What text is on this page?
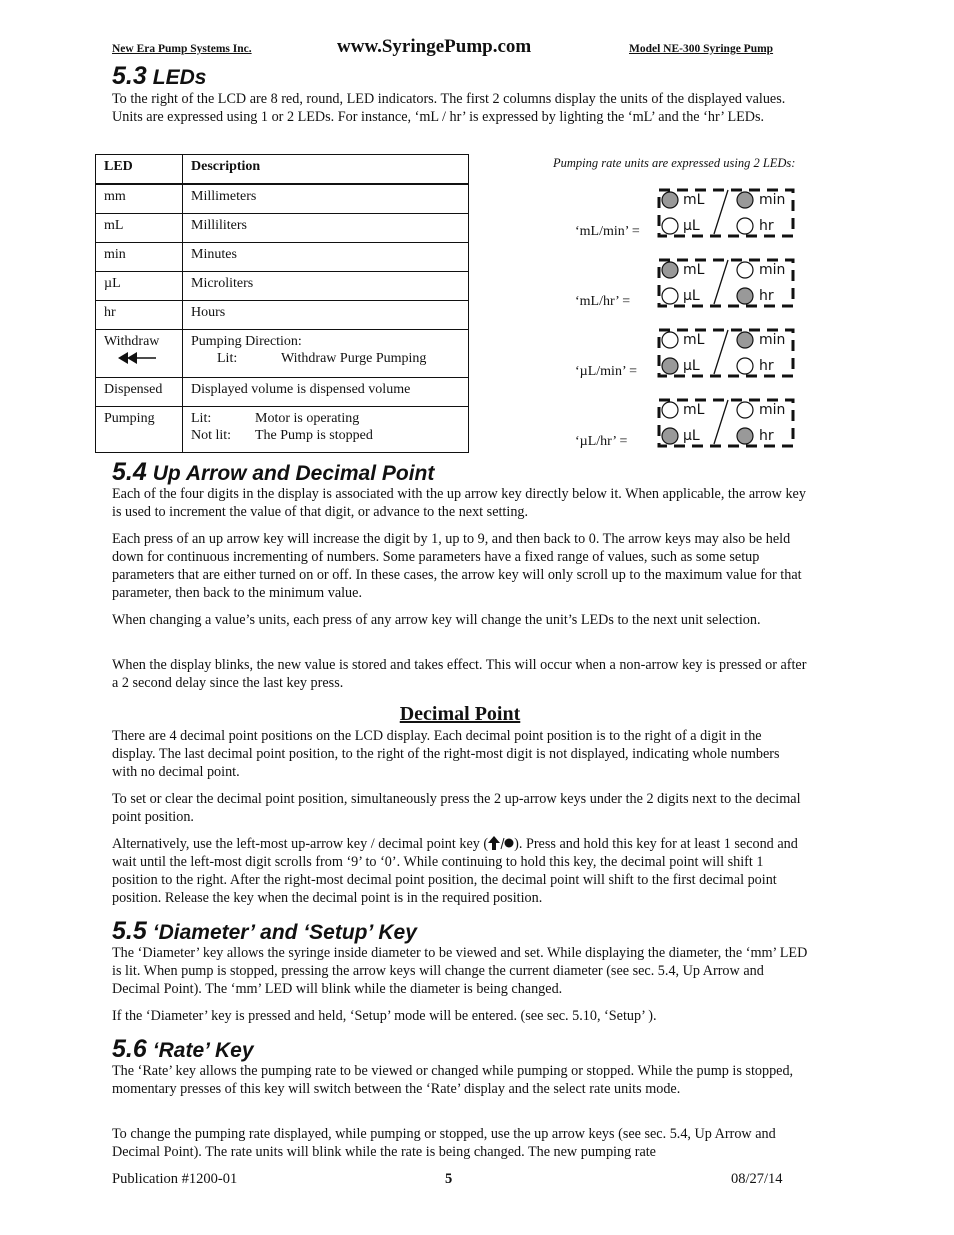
New Era Pump Systems Inc.	www.SyringePump.com	Model NE-300 Syringe Pump
5.3 LEDs

To the right of the LCD are 8 red, round, LED indicators. The first 2 columns display the units of the displayed values. Units are expressed using 1 or 2 LEDs. For instance, ‘mL / hr’ is expressed by lighting the ‘mL’ and the ‘hr’ LEDs.

LED	Description
mm	Millimeters
mL	Milliliters
min	Minutes
µL	Microliters
hr	Hours

Withdraw	Pumping Direction:
Lit: Withdraw Purge Pumping
Dispensed	Displayed volume is dispensed volume
Pumping	Lit: Motor is operating
Not lit: The Pump is stopped
Pumping rate units are expressed using 2 LEDs:
‘mL/min’ =
mL	min
µL	hr
‘mL/hr’ =
mL	min
µL	hr
‘µL/min’ =
mL	min
µL	hr
‘µL/hr’ =
mL	min
µL	hr
5.4 Up Arrow and Decimal Point

Each of the four digits in the display is associated with the up arrow key directly below it. When applicable, the arrow key is used to increment the value of that digit, or advance to the next setting.

Each press of an up arrow key will increase the digit by 1, up to 9, and then back to 0. The arrow keys may also be held down for continuous incrementing of numbers. Some parameters have a fixed range of values, such as some setup parameters that are either turned on or off. In these cases, the arrow key will only scroll up to the maximum value for that parameter, then back to the minimum value.

When changing a value’s units, each press of any arrow key will change the unit’s LEDs to the next unit selection.

When the display blinks, the new value is stored and takes effect. This will occur when a non-arrow key is pressed or after a 2 second delay since the last key press.

Decimal Point

There are 4 decimal point positions on the LCD display. Each decimal point position is to the right of a digit in the display. The last decimal point position, to the right of the right-most digit is not displayed, indicating whole numbers with no decimal point.

To set or clear the decimal point position, simultaneously press the 2 up-arrow keys under the 2 digits next to the decimal point position.

Alternatively, use the left-most up-arrow key / decimal point key ( ). Press and hold this key for at least 1 second and wait until the left-most digit scrolls from ‘9’ to ‘0’. While continuing to hold this key, the decimal point will shift 1 position to the right. After the right-most decimal point position, the decimal point will shift to the first decimal point position. Release the key when the decimal point is in the required position.

5.5 ‘Diameter’ and ‘Setup’ Key

The ‘Diameter’ key allows the syringe inside diameter to be viewed and set. While displaying the diameter, the ‘mm’ LED is lit. When pump is stopped, pressing the arrow keys will change the current diameter (see sec. 5.4, Up Arrow and Decimal Point). The ‘mm’ LED will blink while the diameter is being changed.

If the ‘Diameter’ key is pressed and held, ‘Setup’ mode will be entered. (see sec. 5.10, ‘Setup’ ).

5.6 ‘Rate’ Key

The ‘Rate’ key allows the pumping rate to be viewed or changed while pumping or stopped. While the pump is stopped, momentary presses of this key will switch between the ‘Rate’ display and the select rate units mode.

To change the pumping rate displayed, while pumping or stopped, use the up arrow keys (see sec. 5.4, Up Arrow and Decimal Point). The rate units will blink while the rate is being changed. The new pumping rate

Publication #1200-01	5	08/27/14
